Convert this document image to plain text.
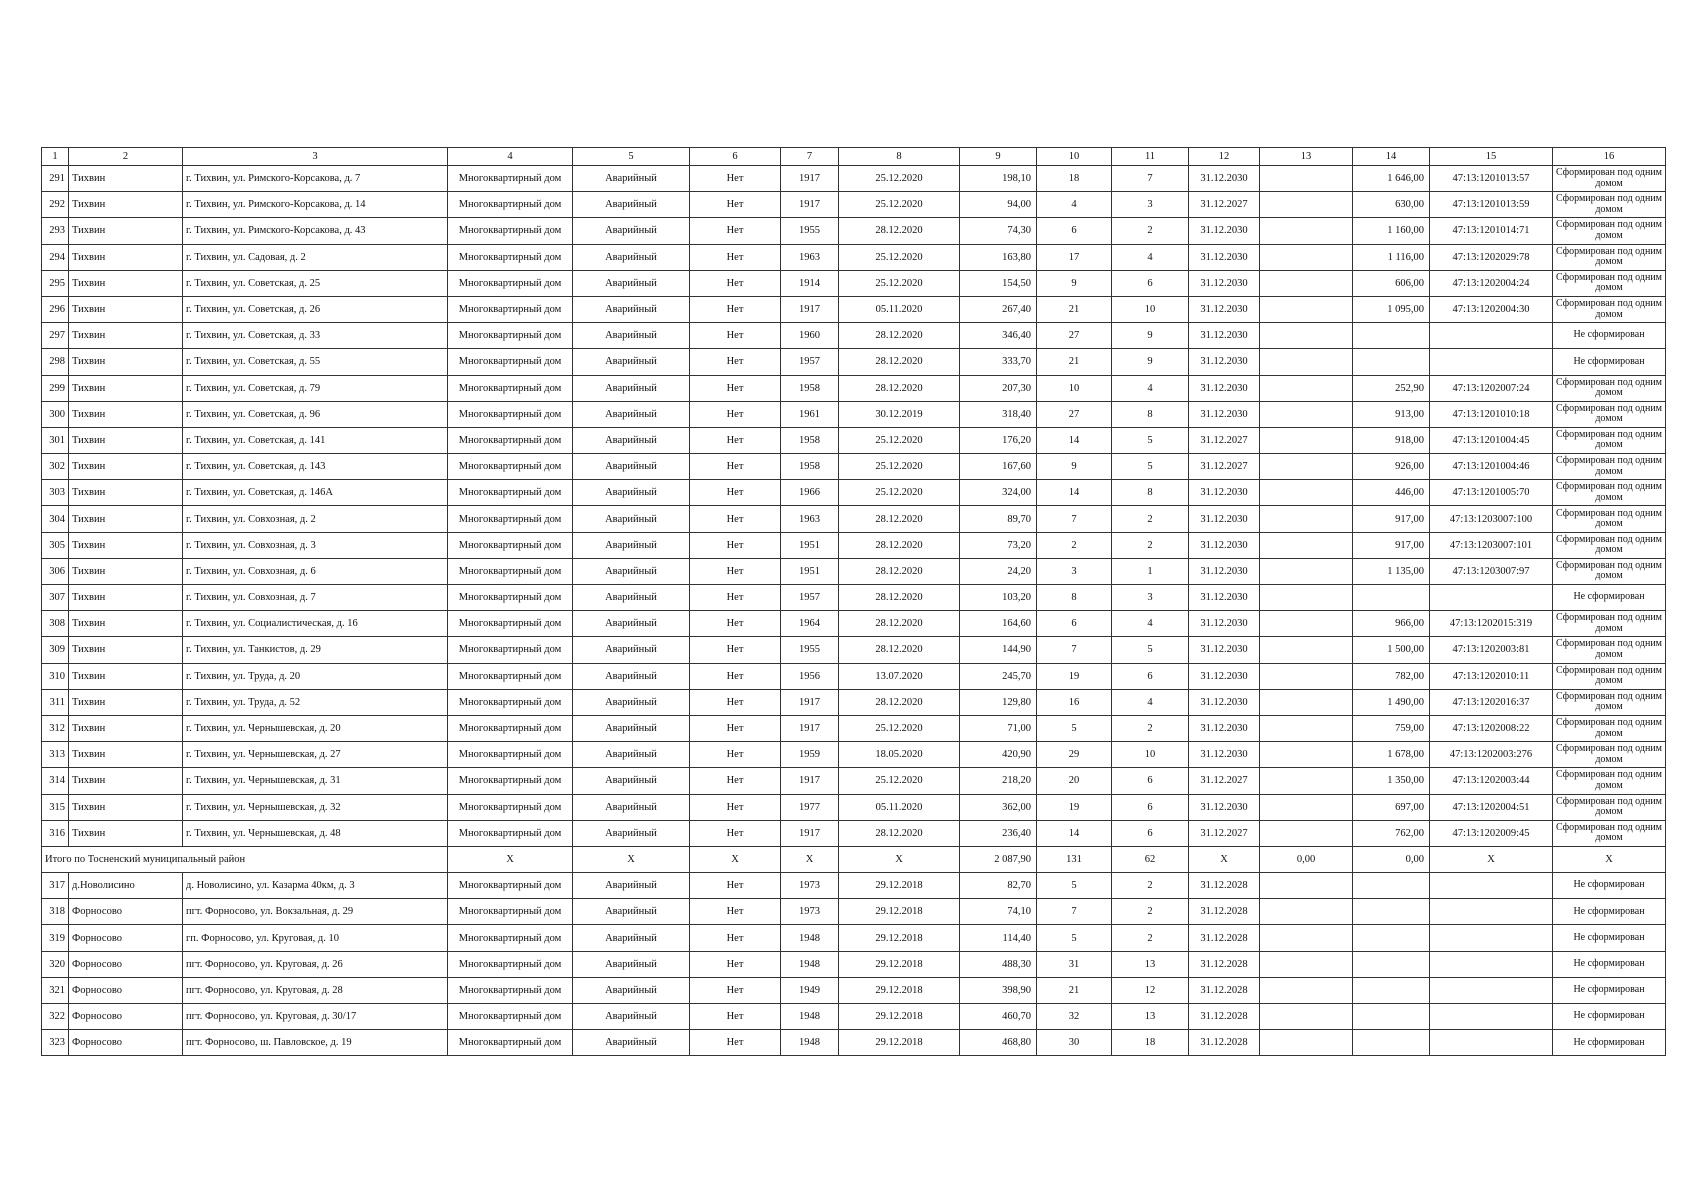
1	2	3	4	5	6	7	8	9	10	11	12	13	14	15	16
291	Тихвин	г. Тихвин, ул. Римского-Корсакова, д. 7	Многоквартирный дом	Аварийный	Нет	1917	25.12.2020	198,10	18	7	31.12.2030		1 646,00	47:13:1201013:57	Сформирован под одним домом
292	Тихвин	г. Тихвин, ул. Римского-Корсакова, д. 14	Многоквартирный дом	Аварийный	Нет	1917	25.12.2020	94,00	4	3	31.12.2027		630,00	47:13:1201013:59	Сформирован под одним домом
293	Тихвин	г. Тихвин, ул. Римского-Корсакова, д. 43	Многоквартирный дом	Аварийный	Нет	1955	28.12.2020	74,30	6	2	31.12.2030		1 160,00	47:13:1201014:71	Сформирован под одним домом
294	Тихвин	г. Тихвин, ул. Садовая, д. 2	Многоквартирный дом	Аварийный	Нет	1963	25.12.2020	163,80	17	4	31.12.2030		1 116,00	47:13:1202029:78	Сформирован под одним домом
295	Тихвин	г. Тихвин, ул. Советская, д. 25	Многоквартирный дом	Аварийный	Нет	1914	25.12.2020	154,50	9	6	31.12.2030		606,00	47:13:1202004:24	Сформирован под одним домом
296	Тихвин	г. Тихвин, ул. Советская, д. 26	Многоквартирный дом	Аварийный	Нет	1917	05.11.2020	267,40	21	10	31.12.2030		1 095,00	47:13:1202004:30	Сформирован под одним домом
297	Тихвин	г. Тихвин, ул. Советская, д. 33	Многоквартирный дом	Аварийный	Нет	1960	28.12.2020	346,40	27	9	31.12.2030				Не сформирован
298	Тихвин	г. Тихвин, ул. Советская, д. 55	Многоквартирный дом	Аварийный	Нет	1957	28.12.2020	333,70	21	9	31.12.2030				Не сформирован
299	Тихвин	г. Тихвин, ул. Советская, д. 79	Многоквартирный дом	Аварийный	Нет	1958	28.12.2020	207,30	10	4	31.12.2030		252,90	47:13:1202007:24	Сформирован под одним домом
300	Тихвин	г. Тихвин, ул. Советская, д. 96	Многоквартирный дом	Аварийный	Нет	1961	30.12.2019	318,40	27	8	31.12.2030		913,00	47:13:1201010:18	Сформирован под одним домом
301	Тихвин	г. Тихвин, ул. Советская, д. 141	Многоквартирный дом	Аварийный	Нет	1958	25.12.2020	176,20	14	5	31.12.2027		918,00	47:13:1201004:45	Сформирован под одним домом
302	Тихвин	г. Тихвин, ул. Советская, д. 143	Многоквартирный дом	Аварийный	Нет	1958	25.12.2020	167,60	9	5	31.12.2027		926,00	47:13:1201004:46	Сформирован под одним домом
303	Тихвин	г. Тихвин, ул. Советская, д. 146А	Многоквартирный дом	Аварийный	Нет	1966	25.12.2020	324,00	14	8	31.12.2030		446,00	47:13:1201005:70	Сформирован под одним домом
304	Тихвин	г. Тихвин, ул. Совхозная, д. 2	Многоквартирный дом	Аварийный	Нет	1963	28.12.2020	89,70	7	2	31.12.2030		917,00	47:13:1203007:100	Сформирован под одним домом
305	Тихвин	г. Тихвин, ул. Совхозная, д. 3	Многоквартирный дом	Аварийный	Нет	1951	28.12.2020	73,20	2	2	31.12.2030		917,00	47:13:1203007:101	Сформирован под одним домом
306	Тихвин	г. Тихвин, ул. Совхозная, д. 6	Многоквартирный дом	Аварийный	Нет	1951	28.12.2020	24,20	3	1	31.12.2030		1 135,00	47:13:1203007:97	Сформирован под одним домом
307	Тихвин	г. Тихвин, ул. Совхозная, д. 7	Многоквартирный дом	Аварийный	Нет	1957	28.12.2020	103,20	8	3	31.12.2030				Не сформирован
308	Тихвин	г. Тихвин, ул. Социалистическая, д. 16	Многоквартирный дом	Аварийный	Нет	1964	28.12.2020	164,60	6	4	31.12.2030		966,00	47:13:1202015:319	Сформирован под одним домом
309	Тихвин	г. Тихвин, ул. Танкистов, д. 29	Многоквартирный дом	Аварийный	Нет	1955	28.12.2020	144,90	7	5	31.12.2030		1 500,00	47:13:1202003:81	Сформирован под одним домом
310	Тихвин	г. Тихвин, ул. Труда, д. 20	Многоквартирный дом	Аварийный	Нет	1956	13.07.2020	245,70	19	6	31.12.2030		782,00	47:13:1202010:11	Сформирован под одним домом
311	Тихвин	г. Тихвин, ул. Труда, д. 52	Многоквартирный дом	Аварийный	Нет	1917	28.12.2020	129,80	16	4	31.12.2030		1 490,00	47:13:1202016:37	Сформирован под одним домом
312	Тихвин	г. Тихвин, ул. Чернышевская, д. 20	Многоквартирный дом	Аварийный	Нет	1917	25.12.2020	71,00	5	2	31.12.2030		759,00	47:13:1202008:22	Сформирован под одним домом
313	Тихвин	г. Тихвин, ул. Чернышевская, д. 27	Многоквартирный дом	Аварийный	Нет	1959	18.05.2020	420,90	29	10	31.12.2030		1 678,00	47:13:1202003:276	Сформирован под одним домом
314	Тихвин	г. Тихвин, ул. Чернышевская, д. 31	Многоквартирный дом	Аварийный	Нет	1917	25.12.2020	218,20	20	6	31.12.2027		1 350,00	47:13:1202003:44	Сформирован под одним домом
315	Тихвин	г. Тихвин, ул. Чернышевская, д. 32	Многоквартирный дом	Аварийный	Нет	1977	05.11.2020	362,00	19	6	31.12.2030		697,00	47:13:1202004:51	Сформирован под одним домом
316	Тихвин	г. Тихвин, ул. Чернышевская, д. 48	Многоквартирный дом	Аварийный	Нет	1917	28.12.2020	236,40	14	6	31.12.2027		762,00	47:13:1202009:45	Сформирован под одним домом
Итого по Тосненский муниципальный район			X	X	X	X	X	2 087,90	131	62	X	0,00	0,00	X	X
317	д.Новолисино	д. Новолисино, ул. Казарма 40км, д. 3	Многоквартирный дом	Аварийный	Нет	1973	29.12.2018	82,70	5	2	31.12.2028				Не сформирован
318	Форносово	пгт. Форносово, ул. Вокзальная, д. 29	Многоквартирный дом	Аварийный	Нет	1973	29.12.2018	74,10	7	2	31.12.2028				Не сформирован
319	Форносово	гп. Форносово, ул. Круговая, д. 10	Многоквартирный дом	Аварийный	Нет	1948	29.12.2018	114,40	5	2	31.12.2028				Не сформирован
320	Форносово	пгт. Форносово, ул. Круговая, д. 26	Многоквартирный дом	Аварийный	Нет	1948	29.12.2018	488,30	31	13	31.12.2028				Не сформирован
321	Форносово	пгт. Форносово, ул. Круговая, д. 28	Многоквартирный дом	Аварийный	Нет	1949	29.12.2018	398,90	21	12	31.12.2028				Не сформирован
322	Форносово	пгт. Форносово, ул. Круговая, д. 30/17	Многоквартирный дом	Аварийный	Нет	1948	29.12.2018	460,70	32	13	31.12.2028				Не сформирован
323	Форносово	пгт. Форносово, ш. Павловское, д. 19	Многоквартирный дом	Аварийный	Нет	1948	29.12.2018	468,80	30	18	31.12.2028				Не сформирован
